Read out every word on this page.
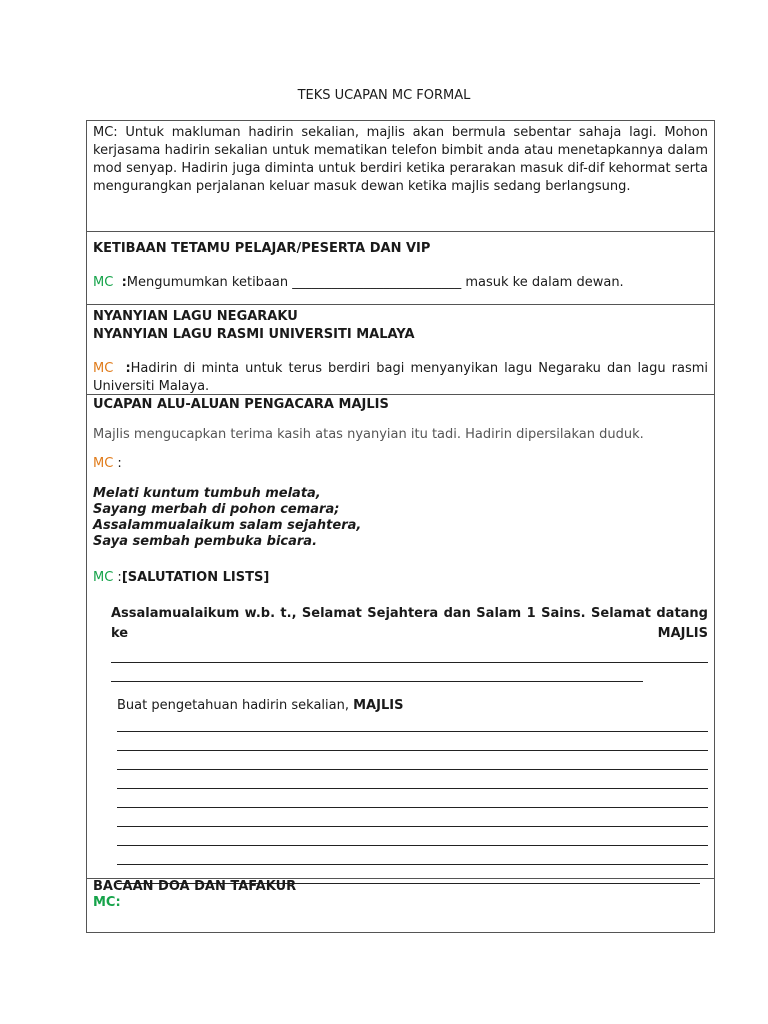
TEKS UCAPAN MC FORMAL

MC: Untuk makluman hadirin sekalian, majlis akan bermula sebentar sahaja lagi. Mohon kerjasama hadirin sekalian untuk mematikan telefon bimbit anda atau menetapkannya dalam mod senyap. Hadirin juga diminta untuk berdiri ketika perarakan masuk dif-dif kehormat serta mengurangkan perjalanan keluar masuk dewan ketika majlis sedang berlangsung.

KETIBAAN TETAMU PELAJAR/PESERTA DAN VIP

MC :Mengumumkan ketibaan __________________________ masuk ke dalam dewan.

NYANYIAN LAGU NEGARAKU

NYANYIAN LAGU RASMI UNIVERSITI MALAYA

MC :Hadirin di minta untuk terus berdiri bagi menyanyikan lagu Negaraku dan lagu rasmi Universiti Malaya.

UCAPAN ALU-ALUAN PENGACARA MAJLIS

Majlis mengucapkan terima kasih atas nyanyian itu tadi. Hadirin dipersilakan duduk.

MC :

Melati kuntum tumbuh melata,

Sayang merbah di pohon cemara;

Assalammualaikum salam sejahtera,

Saya sembah pembuka bicara.

MC :[SALUTATION LISTS]

Assalamualaikum w.b. t., Selamat Sejahtera dan Salam 1 Sains. Selamat datang ke MAJLIS

Buat pengetahuan hadirin sekalian, MAJLIS

BACAAN DOA DAN TAFAKUR

MC:
